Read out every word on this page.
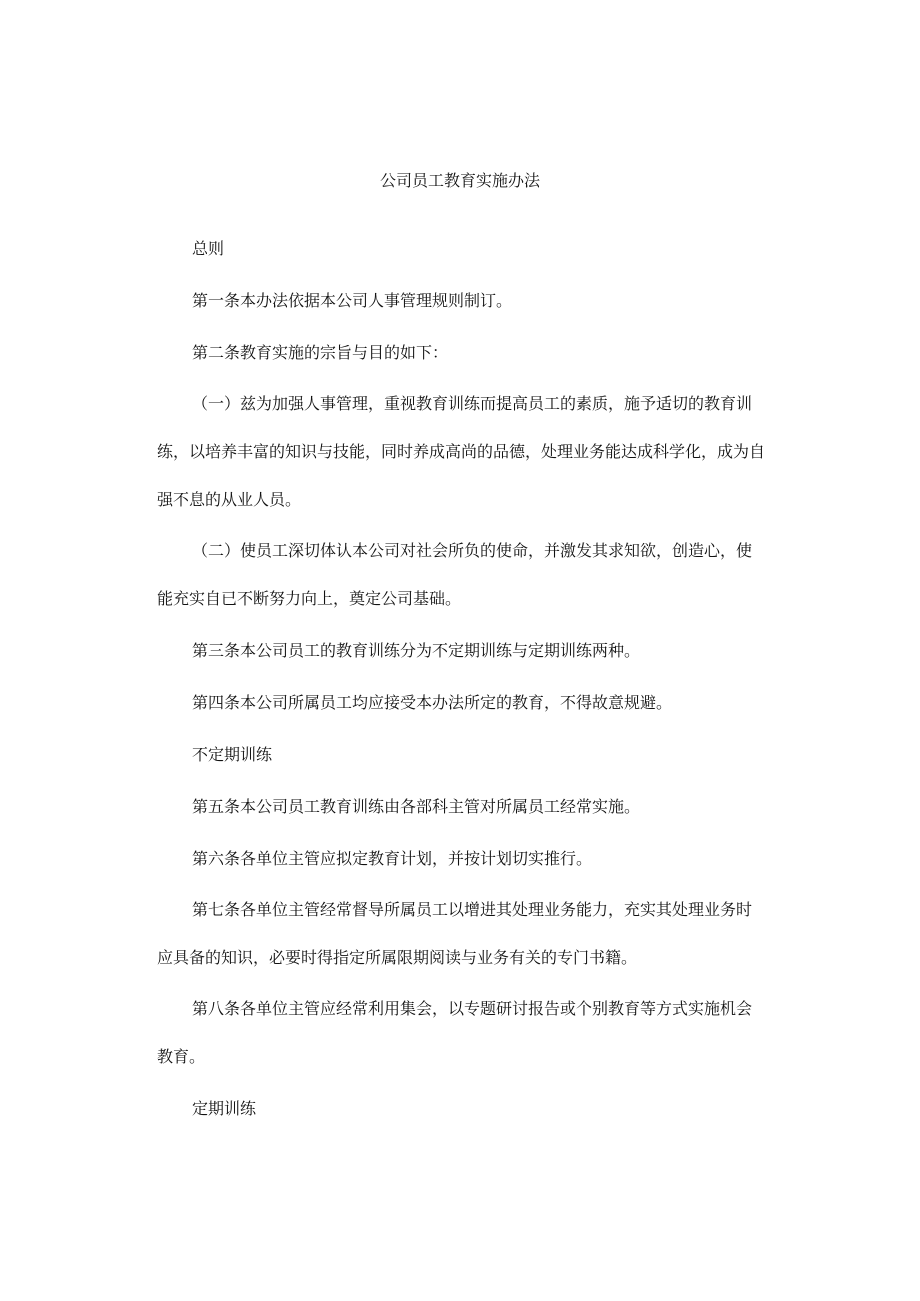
公司员工教育实施办法

总则

第一条本办法依据本公司人事管理规则制订。

第二条教育实施的宗旨与目的如下：

（一）兹为加强人事管理，重视教育训练而提高员工的素质，施予适切的教育训练，以培养丰富的知识与技能，同时养成高尚的品德，处理业务能达成科学化，成为自强不息的从业人员。

（二）使员工深切体认本公司对社会所负的使命，并激发其求知欲，创造心，使能充实自已不断努力向上，奠定公司基础。

第三条本公司员工的教育训练分为不定期训练与定期训练两种。

第四条本公司所属员工均应接受本办法所定的教育，不得故意规避。

不定期训练

第五条本公司员工教育训练由各部科主管对所属员工经常实施。

第六条各单位主管应拟定教育计划，并按计划切实推行。

第七条各单位主管经常督导所属员工以增进其处理业务能力，充实其处理业务时应具备的知识，必要时得指定所属限期阅读与业务有关的专门书籍。

第八条各单位主管应经常利用集会，以专题研讨报告或个别教育等方式实施机会教育。

定期训练
